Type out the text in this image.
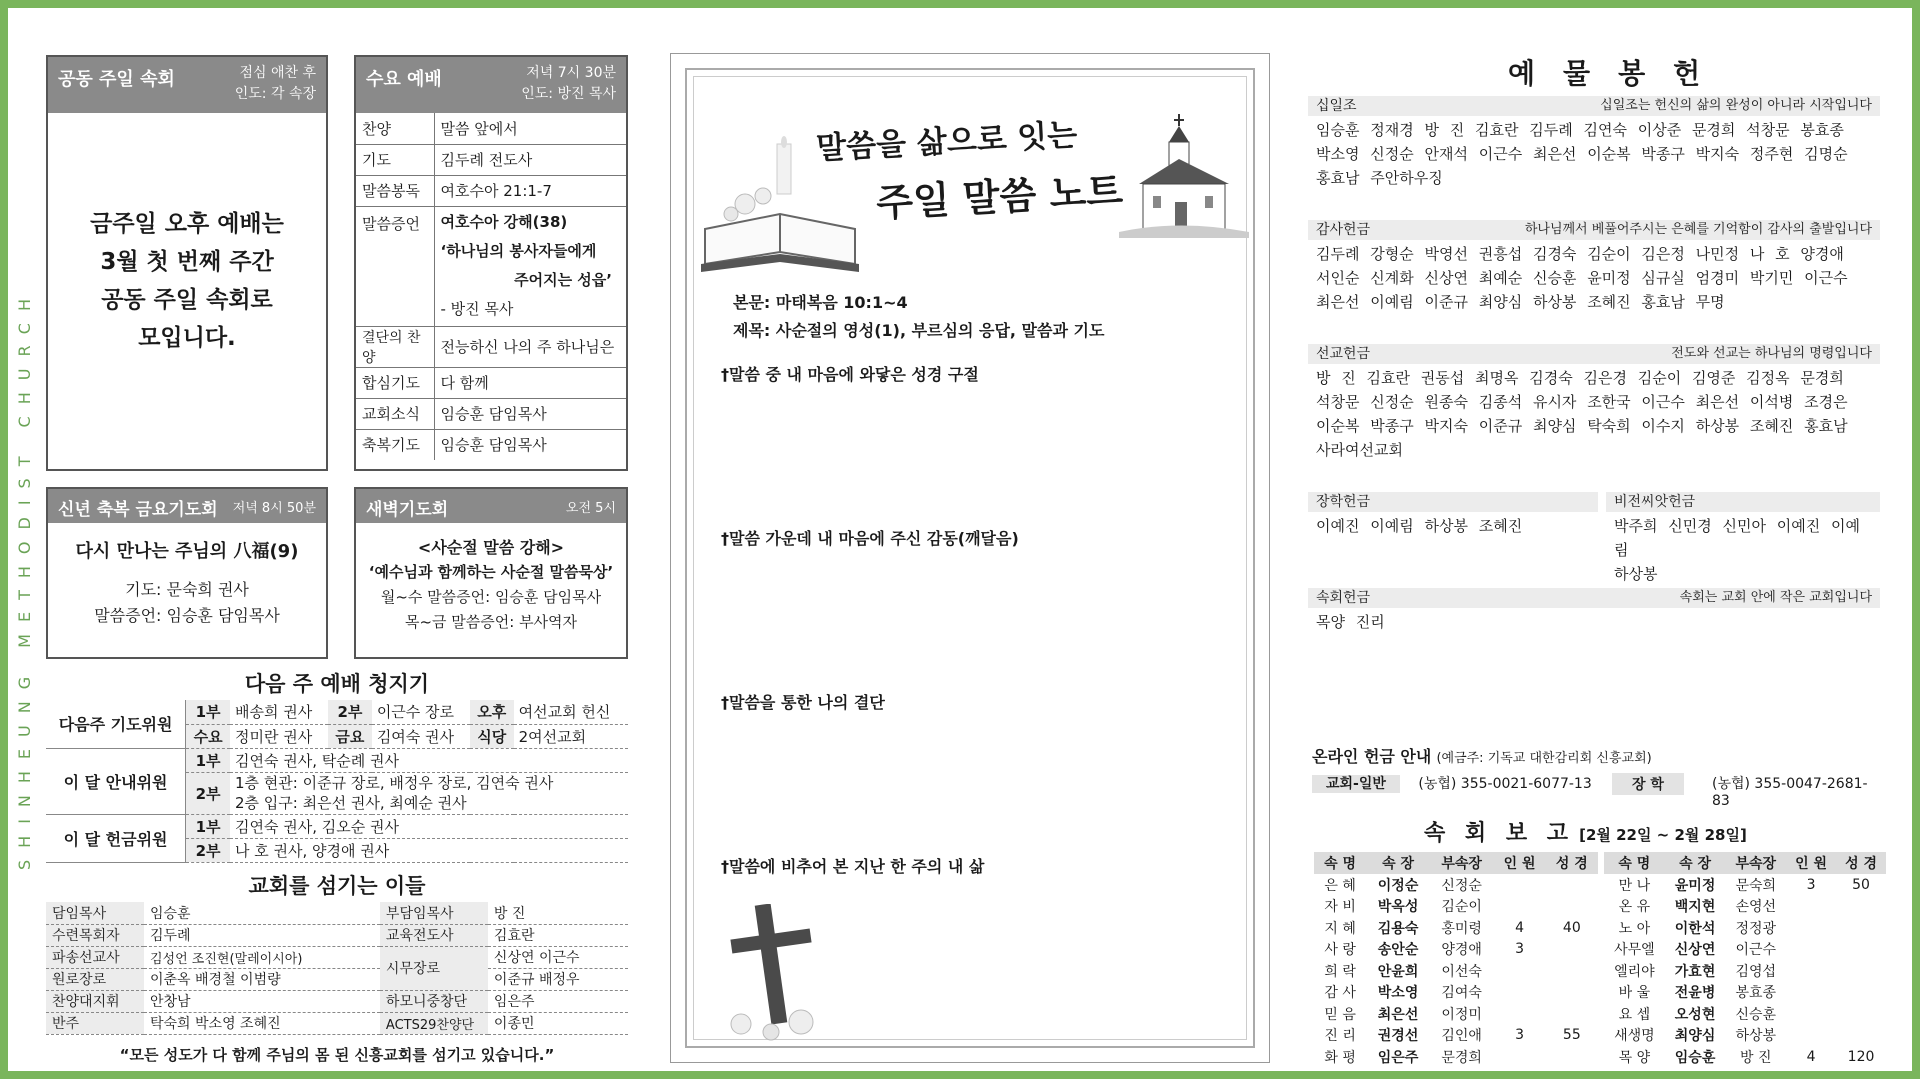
SHINHEUNG METHODIST CHURCH
공동 주일 속회	점심 애찬 후
인도: 각 속장
금주일 오후 예배는
3월 첫 번째 주간
공동 주일 속회로
모입니다.
수요 예배	저녁 7시 30분
인도: 방진 목사
찬양	말씀 앞에서
기도	김두례 전도사
말씀봉독	여호수아 21:1-7
말씀증언	여호수아 강해(38)
‘하나님의 봉사자들에게
주어지는 성읍’
- 방진 목사

결단의 찬양	전능하신 나의 주 하나님은
합심기도	다 함께
교회소식	임승훈 담임목사
축복기도	임승훈 담임목사
신년 축복 금요기도회 저녁 8시 50분
다시 만나는 주님의 八福(9)
기도: 문숙희 권사
말씀증언: 임승훈 담임목사
새벽기도회	오전 5시
<사순절 말씀 강해>
‘예수님과 함께하는 사순절 말씀묵상’
월~수 말씀증언: 임승훈 담임목사
목~금 말씀증언: 부사역자
다음 주 예배 청지기
다음주 기도위원	1부	배송희 권사	2부	이근수 장로	오후	여선교회 헌신
	수요	정미란 권사	금요	김여숙 권사	식당	2여선교회
이 달 안내위원	1부	김연숙 권사, 탁순례 권사				
	2부	1층 현관: 이준규 장로, 배정우 장로, 김연숙 권사
2층 입구: 최은선 권사, 최예순 권사				

이 달 헌금위원	1부	김연숙 권사, 김오순 권사				
	2부	나 호 권사, 양경애 권사				
교회를 섬기는 이들
담임목사	임승훈	부담임목사	방 진
수련목회자	김두례	교육전도사	김효란
파송선교사	김성언 조진현(말레이시아)	시무장로	신상연 이근수
원로장로	이춘옥 배경철 이범량		이준규 배정우
찬양대지휘	안창남	하모니중창단	임은주
반주	탁숙희 박소영 조혜진	ACTS29찬양단	이종민
“모든 성도가 다 함께 주님의 몸 된 신흥교회를 섬기고 있습니다.”
말씀을 삶으로 잇는
주일 말씀 노트
본문: 마태복음 10:1~4
제목: 사순절의 영성(1), 부르심의 응답, 말씀과 기도
†말씀 중 내 마음에 와닿은 성경 구절
†말씀 가운데 내 마음에 주신 감동(깨달음)
†말씀을 통한 나의 결단
†말씀에 비추어 본 지난 한 주의 내 삶
예물봉헌
십일조	십일조는 헌신의 삶의 완성이 아니라 시작입니다
임승훈 정재경 방 진 김효란 김두례 김연숙 이상준 문경희 석창문 봉효종
박소영 신정순 안재석 이근수 최은선 이순복 박종구 박지숙 정주현 김명순
홍효남 주안하우징
감사헌금	하나님께서 베풀어주시는 은혜를 기억함이 감사의 출발입니다
김두례 강형순 박영선 권흥섭 김경숙 김순이 김은정 나민정 나 호 양경애
서인순 신계화 신상연 최예순 신승훈 윤미정 심규실 엄경미 박기민 이근수
최은선 이예림 이준규 최양심 하상봉 조혜진 홍효남 무명
선교헌금	전도와 선교는 하나님의 명령입니다
방 진 김효란 권동섭 최명옥 김경숙 김은경 김순이 김영준 김정옥 문경희
석창문 신정순 원종숙 김종석 유시자 조한국 이근수 최은선 이석병 조경은
이순복 박종구 박지숙 이준규 최양심 탁숙희 이수지 하상봉 조혜진 홍효남
사라여선교회
장학헌금
이예진 이예림 하상봉 조혜진
비전씨앗헌금
박주희 신민경 신민아 이예진 이예림
하상봉
속회헌금	속회는 교회 안에 작은 교회입니다
목양 진리
온라인 헌금 안내 (예금주: 기독교 대한감리회 신흥교회)
교회-일반 (농협) 355-0021-6077-13	장 학	(농협) 355-0047-2681-83
속 회 보 고 [2월 22일 ~ 2월 28일]
속 명	속 장	부속장	인 원	성 경
은 혜	이정순	신정순		
자 비	박옥성	김순이		
지 혜	김용숙	홍미령	4	40
사 랑	송안순	양경애	3	
희 락	안윤희	이선숙		
감 사	박소영	김여숙		
믿 음	최은선	이정미		
진 리	권경선	김인애	3	55
화 평	임은주	문경희		
속 명	속 장	부속장	인 원	성 경
만 나	윤미정	문숙희	3	50
온 유	백지현	손영선		
노 아	이한석	정정광		
사무엘	신상연	이근수		
엘리야	가효현	김영섭		
바 울	전윤병	봉효종		
요 셉	오성현	신승훈		
새생명	최양심	하상봉		
목 양	임승훈	방 진	4	120
